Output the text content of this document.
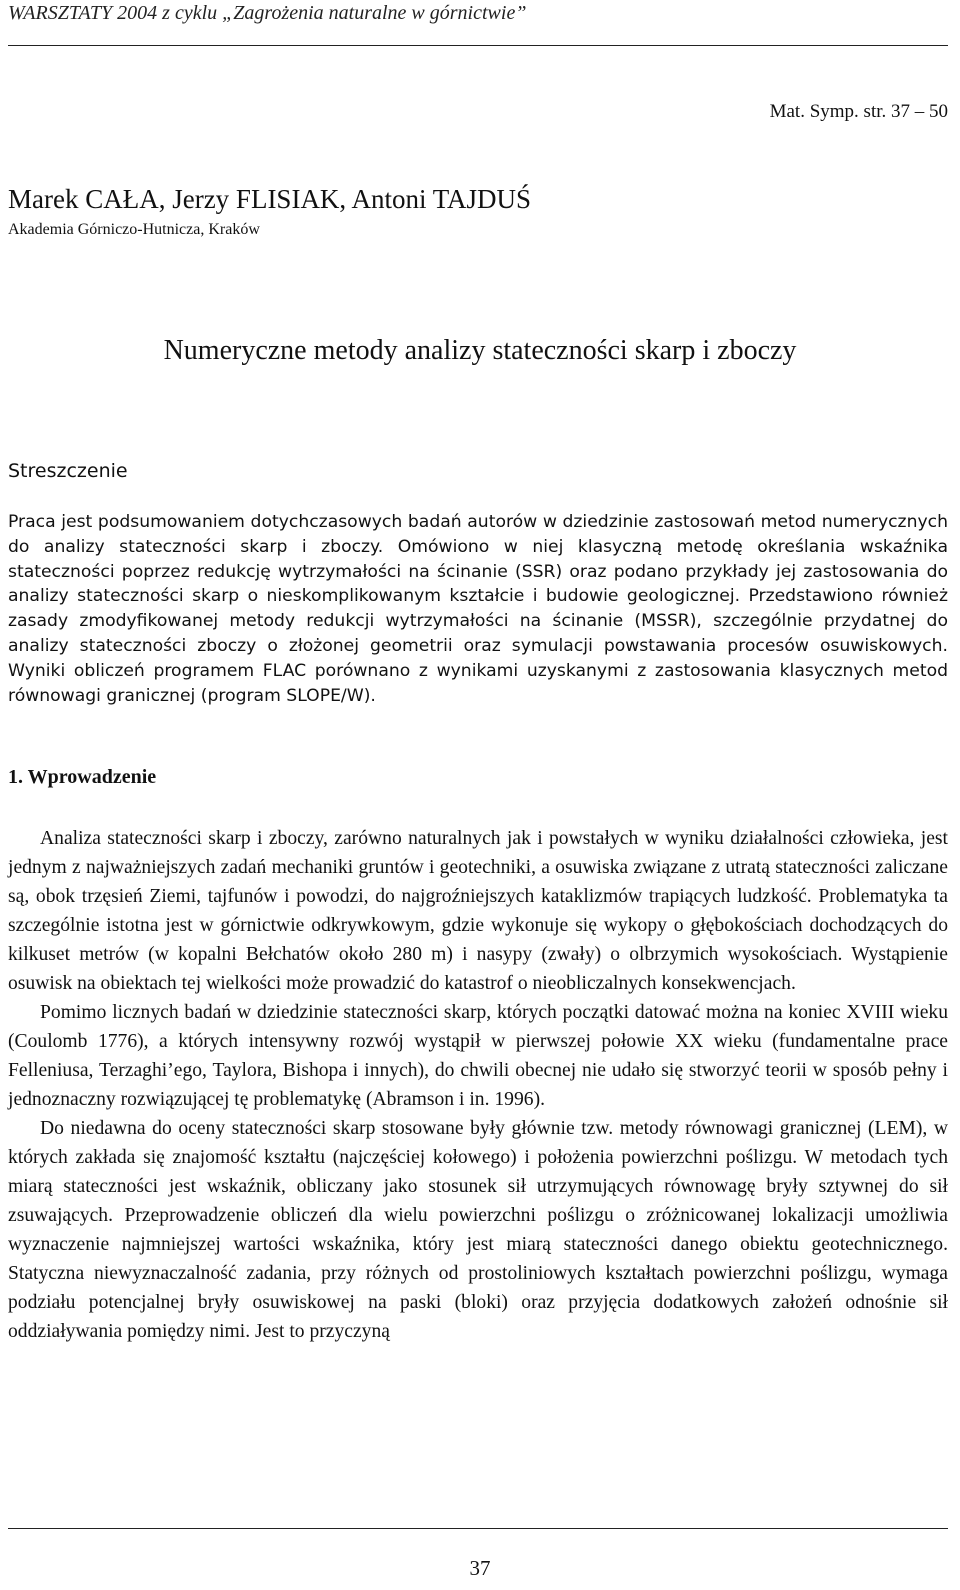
WARSZTATY 2004 z cyklu „Zagrożenia naturalne w górnictwie”
Mat. Symp. str. 37 – 50
Marek CAŁA, Jerzy FLISIAK, Antoni TAJDUŚ
Akademia Górniczo-Hutnicza, Kraków
Numeryczne metody analizy stateczności skarp i zboczy
Streszczenie
Praca jest podsumowaniem dotychczasowych badań autorów w dziedzinie zastosowań metod numerycznych do analizy stateczności skarp i zboczy. Omówiono w niej klasyczną metodę określania wskaźnika stateczności poprzez redukcję wytrzymałości na ścinanie (SSR) oraz podano przykłady jej zastosowania do analizy stateczności skarp o nieskomplikowanym kształcie i budowie geologicznej. Przedstawiono również zasady zmodyfikowanej metody redukcji wytrzymałości na ścinanie (MSSR), szczególnie przydatnej do analizy stateczności zboczy o złożonej geometrii oraz symulacji powstawania procesów osuwiskowych. Wyniki obliczeń programem FLAC porównano z wynikami uzyskanymi z zastosowania klasycznych metod równowagi granicznej (program SLOPE/W).
1. Wprowadzenie

Analiza stateczności skarp i zboczy, zarówno naturalnych jak i powstałych w wyniku działalności człowieka, jest jednym z najważniejszych zadań mechaniki gruntów i geotechniki, a osuwiska związane z utratą stateczności zaliczane są, obok trzęsień Ziemi, tajfunów i powodzi, do najgroźniejszych kataklizmów trapiących ludzkość. Problematyka ta szczególnie istotna jest w górnictwie odkrywkowym, gdzie wykonuje się wykopy o głębokościach dochodzących do kilkuset metrów (w kopalni Bełchatów około 280 m) i nasypy (zwały) o olbrzymich wysokościach. Wystąpienie osuwisk na obiektach tej wielkości może prowadzić do katastrof o nieobliczalnych konsekwencjach.

Pomimo licznych badań w dziedzinie stateczności skarp, których początki datować można na koniec XVIII wieku (Coulomb 1776), a których intensywny rozwój wystąpił w pierwszej połowie XX wieku (fundamentalne prace Felleniusa, Terzaghi’ego, Taylora, Bishopa i innych), do chwili obecnej nie udało się stworzyć teorii w sposób pełny i jednoznaczny rozwiązującej tę problematykę (Abramson i in. 1996).

Do niedawna do oceny stateczności skarp stosowane były głównie tzw. metody równowagi granicznej (LEM), w których zakłada się znajomość kształtu (najczęściej kołowego) i położenia powierzchni poślizgu. W metodach tych miarą stateczności jest wskaźnik, obliczany jako stosunek sił utrzymujących równowagę bryły sztywnej do sił zsuwających. Przeprowadzenie obliczeń dla wielu powierzchni poślizgu o zróżnicowanej lokalizacji umożliwia wyznaczenie najmniejszej wartości wskaźnika, który jest miarą stateczności danego obiektu geotechnicznego. Statyczna niewyznaczalność zadania, przy różnych od prostoliniowych kształtach powierzchni poślizgu, wymaga podziału potencjalnej bryły osuwiskowej na paski (bloki) oraz przyjęcia dodatkowych założeń odnośnie sił oddziaływania pomiędzy nimi. Jest to przyczyną

37
